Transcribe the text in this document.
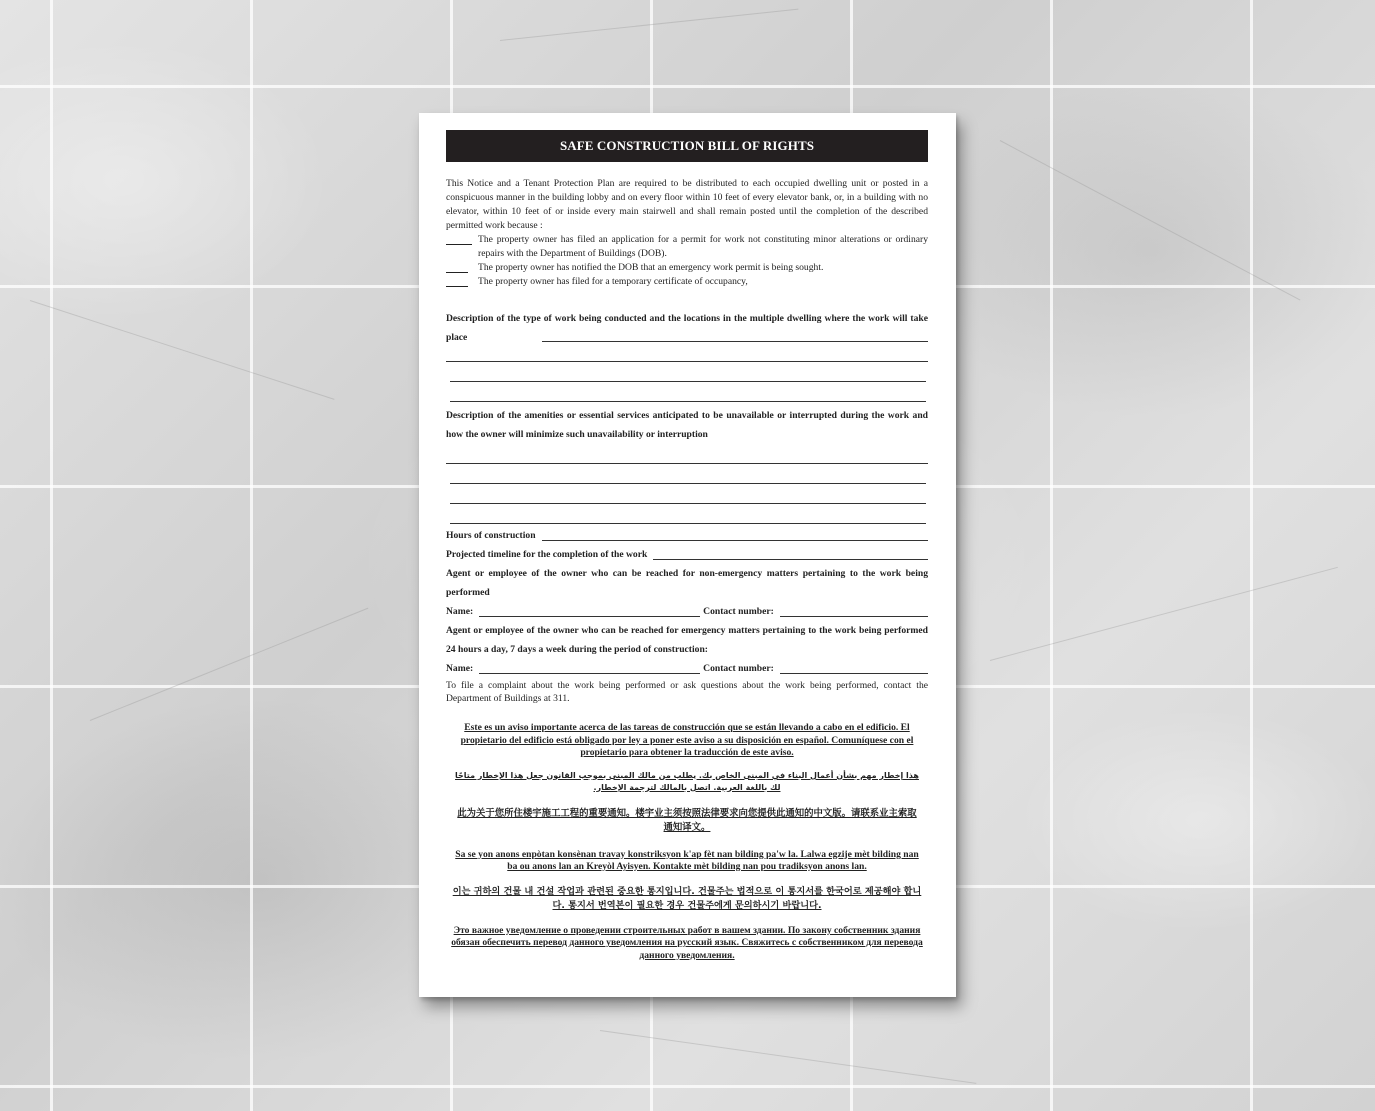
SAFE CONSTRUCTION BILL OF RIGHTS
This Notice and a Tenant Protection Plan are required to be distributed to each occupied dwelling unit or posted in a conspicuous manner in the building lobby and on every floor within 10 feet of every elevator bank, or, in a building with no elevator, within 10 feet of or inside every main stairwell and shall remain posted until the completion of the described permitted work because :
The property owner has filed an application for a permit for work not constituting minor alterations or ordinary repairs with the Department of Buildings (DOB).
The property owner has notified the DOB that an emergency work permit is being sought.
The property owner has filed for a temporary certificate of occupancy,
Description of the type of work being conducted and the locations in the multiple dwelling where the work will take place
Description of the amenities or essential services anticipated to be unavailable or interrupted during the work and how the owner will minimize such unavailability or interruption
Hours of construction
Projected timeline for the completion of the work
Agent or employee of the owner who can be reached for non-emergency matters pertaining to the work being performed
Name:	Contact number:
Agent or employee of the owner who can be reached for emergency matters pertaining to the work being performed 24 hours a day, 7 days a week during the period of construction:
Name:	Contact number:
To file a complaint about the work being performed or ask questions about the work being performed, contact the Department of Buildings at 311.
Este es un aviso importante acerca de las tareas de construcción que se están llevando a cabo en el edificio. El propietario del edificio está obligado por ley a poner este aviso a su disposición en español. Comuníquese con el propietario para obtener la traducción de este aviso.
هذا إخطار مهم بشأن أعمال البناء في المبنى الخاص بك. يطلب من مالك المبنى بموجب القانون جعل هذا الإخطار متاحًا لك باللغة العربية. اتصل بالمالك لترجمة الإخطار.
此为关于您所住楼宇施工工程的重要通知。楼宇业主须按照法律要求向您提供此通知的中文版。请联系业主索取通知译文。
Sa se yon anons enpòtan konsènan travay konstriksyon k'ap fèt nan bilding pa'w la. Lalwa egzije mèt bilding nan ba ou anons lan an Kreyòl Ayisyen. Kontakte mèt bilding nan pou tradiksyon anons lan.
이는 귀하의 건물 내 건설 작업과 관련된 중요한 통지입니다. 건물주는 법적으로 이 통지서를 한국어로 제공해야 합니다. 통지서 번역본이 필요한 경우 건물주에게 문의하시기 바랍니다.
Это важное уведомление о проведении строительных работ в вашем здании. По закону собственник здания обязан обеспечить перевод данного уведомления на русский язык. Свяжитесь с собственником для перевода данного уведомления.
